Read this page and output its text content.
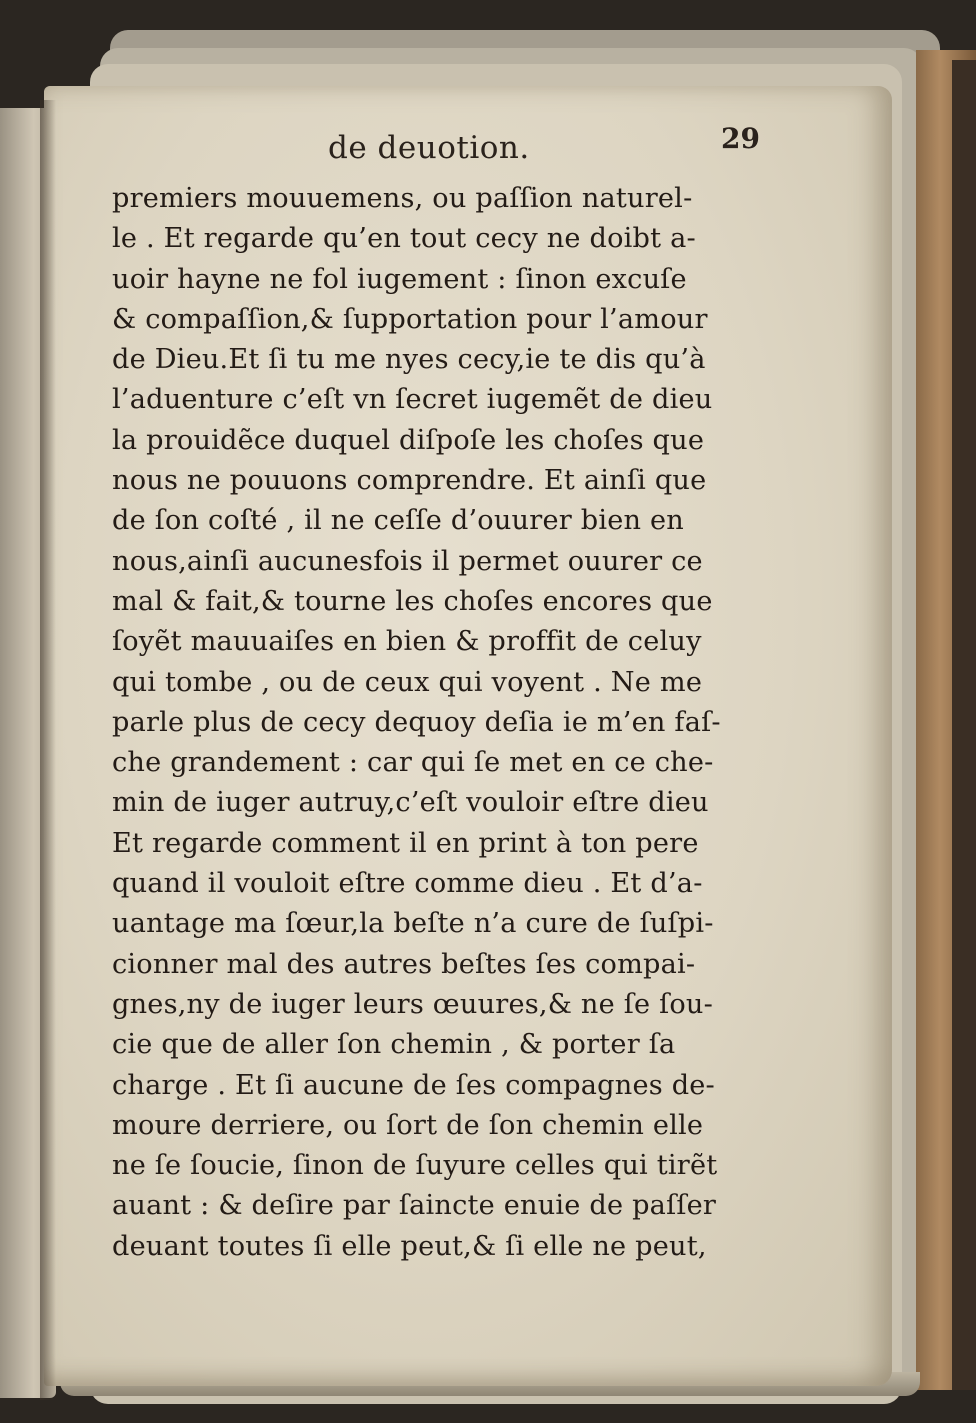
de deuotion.	29
premiers mouuemens, ou paſſion naturel-
le . Et regarde qu’en tout cecy ne doibt a-
uoir hayne ne fol iugement : ſinon excuſe
& compaſſion,& ſupportation pour l’amour
de Dieu.Et ſi tu me nyes cecy,ie te dis qu’à
l’aduenture c’eſt vn ſecret iugemẽt de dieu
la prouidẽce duquel diſpoſe les choſes que
nous ne pouuons comprendre. Et ainſi que
de ſon coſté , il ne ceſſe d’ouurer bien en
nous,ainſi aucunesfois il permet ouurer ce
mal & fait,& tourne les choſes encores que
ſoyẽt mauuaiſes en bien & proffit de celuy
qui tombe , ou de ceux qui voyent . Ne me
parle plus de cecy dequoy deſia ie m’en faſ-
che grandement : car qui ſe met en ce che-
min de iuger autruy,c’eſt vouloir eſtre dieu
Et regarde comment il en print à ton pere
quand il vouloit eſtre comme dieu . Et d’a-
uantage ma ſœur,la beſte n’a cure de ſuſpi-
cionner mal des autres beſtes ſes compai-
gnes,ny de iuger leurs œuures,& ne ſe ſou-
cie que de aller ſon chemin , & porter ſa
charge . Et ſi aucune de ſes compagnes de-
moure derriere, ou ſort de ſon chemin elle
ne ſe ſoucie, ſinon de ſuyure celles qui tirẽt
auant : & deſire par ſaincte enuie de paſſer
deuant toutes ſi elle peut,& ſi elle ne peut,
